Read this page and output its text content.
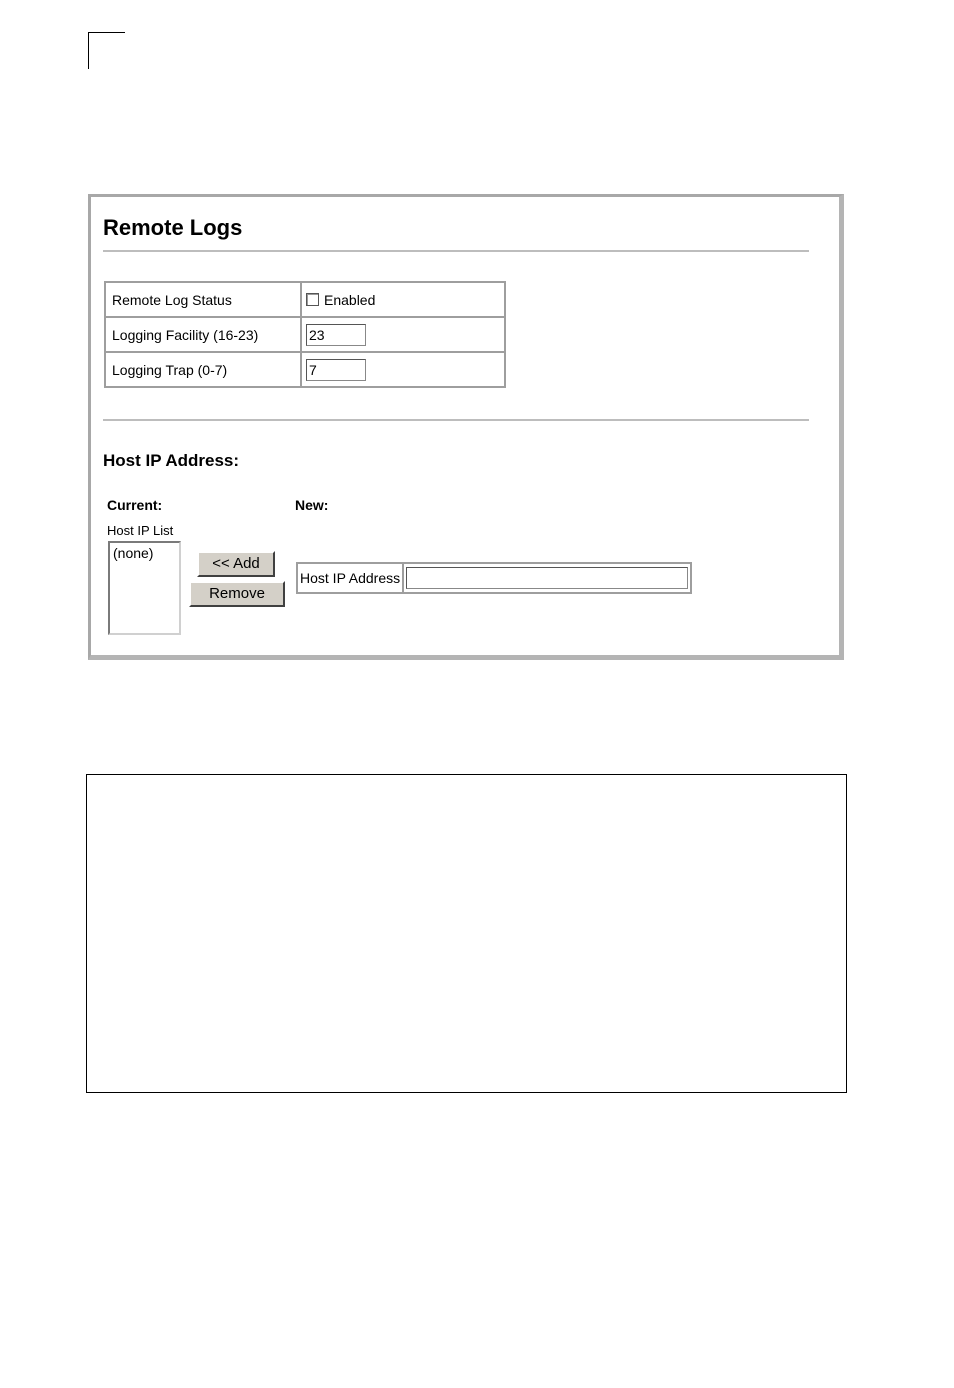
Remote Logs
Remote Log Status	Enabled
Logging Facility (16-23)	23
Logging Trap (0-7)	7
Host IP Address:
Current:	New:
Host IP List
(none)
<< Add
Remove
Host IP Address	
